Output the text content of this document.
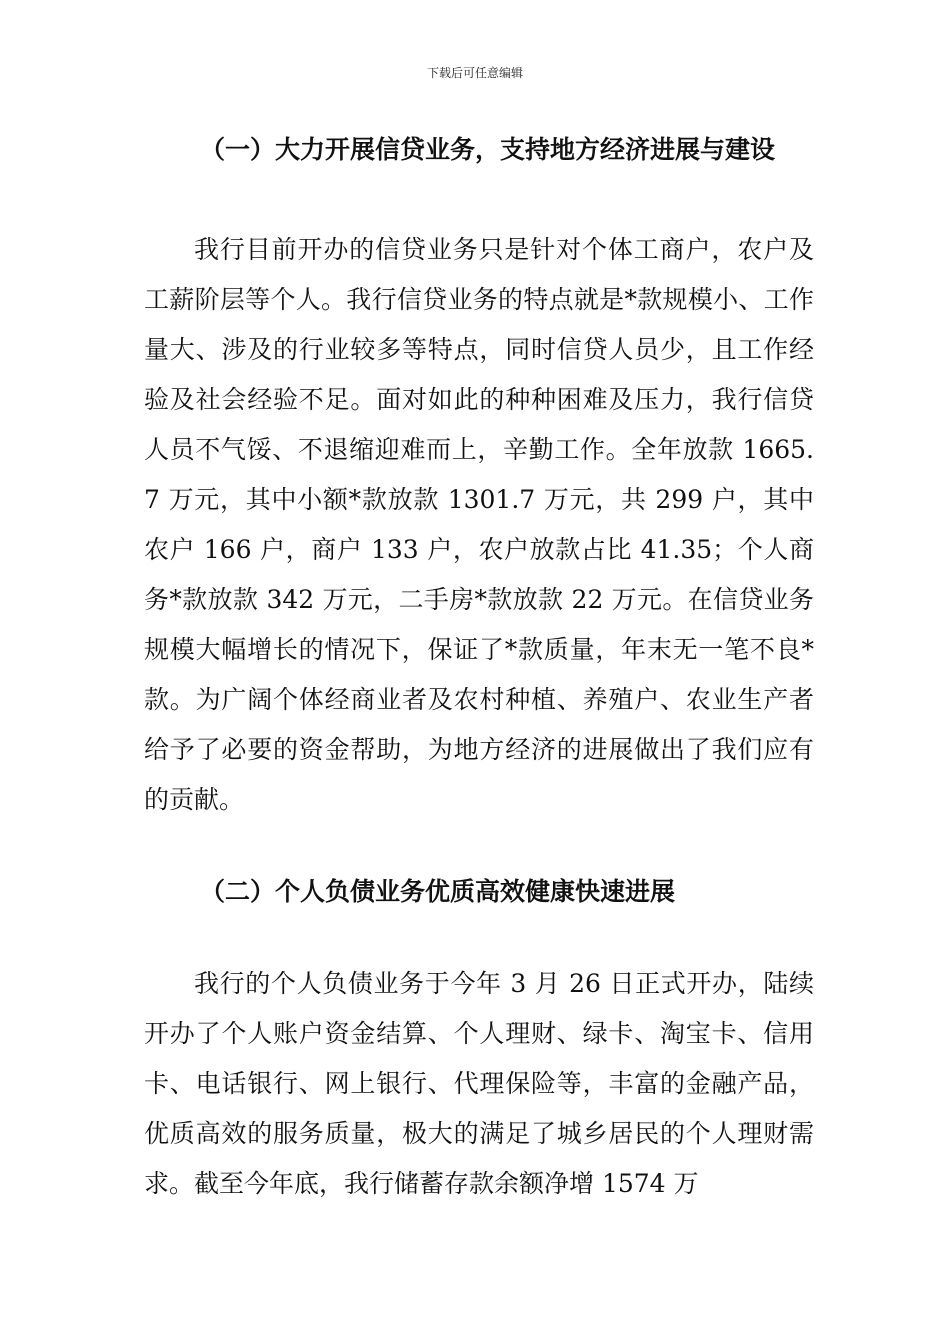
下载后可任意编辑
（一）大力开展信贷业务，支持地方经济进展与建设

我行目前开办的信贷业务只是针对个体工商户，农户及工薪阶层等个人。我行信贷业务的特点就是*款规模小、工作量大、涉及的行业较多等特点，同时信贷人员少，且工作经验及社会经验不足。面对如此的种种困难及压力，我行信贷人员不气馁、不退缩迎难而上，辛勤工作。全年放款 1665.7 万元，其中小额*款放款 1301.7 万元，共 299 户，其中农户 166 户，商户 133 户，农户放款占比 41.35；个人商务*款放款 342 万元，二手房*款放款 22 万元。在信贷业务规模大幅增长的情况下，保证了*款质量，年末无一笔不良*款。为广阔个体经商业者及农村种植、养殖户、农业生产者给予了必要的资金帮助，为地方经济的进展做出了我们应有的贡献。

（二）个人负债业务优质高效健康快速进展

我行的个人负债业务于今年 3 月 26 日正式开办，陆续开办了个人账户资金结算、个人理财、绿卡、淘宝卡、信用卡、电话银行、网上银行、代理保险等，丰富的金融产品，优质高效的服务质量，极大的满足了城乡居民的个人理财需求。截至今年底，我行储蓄存款余额净增 1574 万
